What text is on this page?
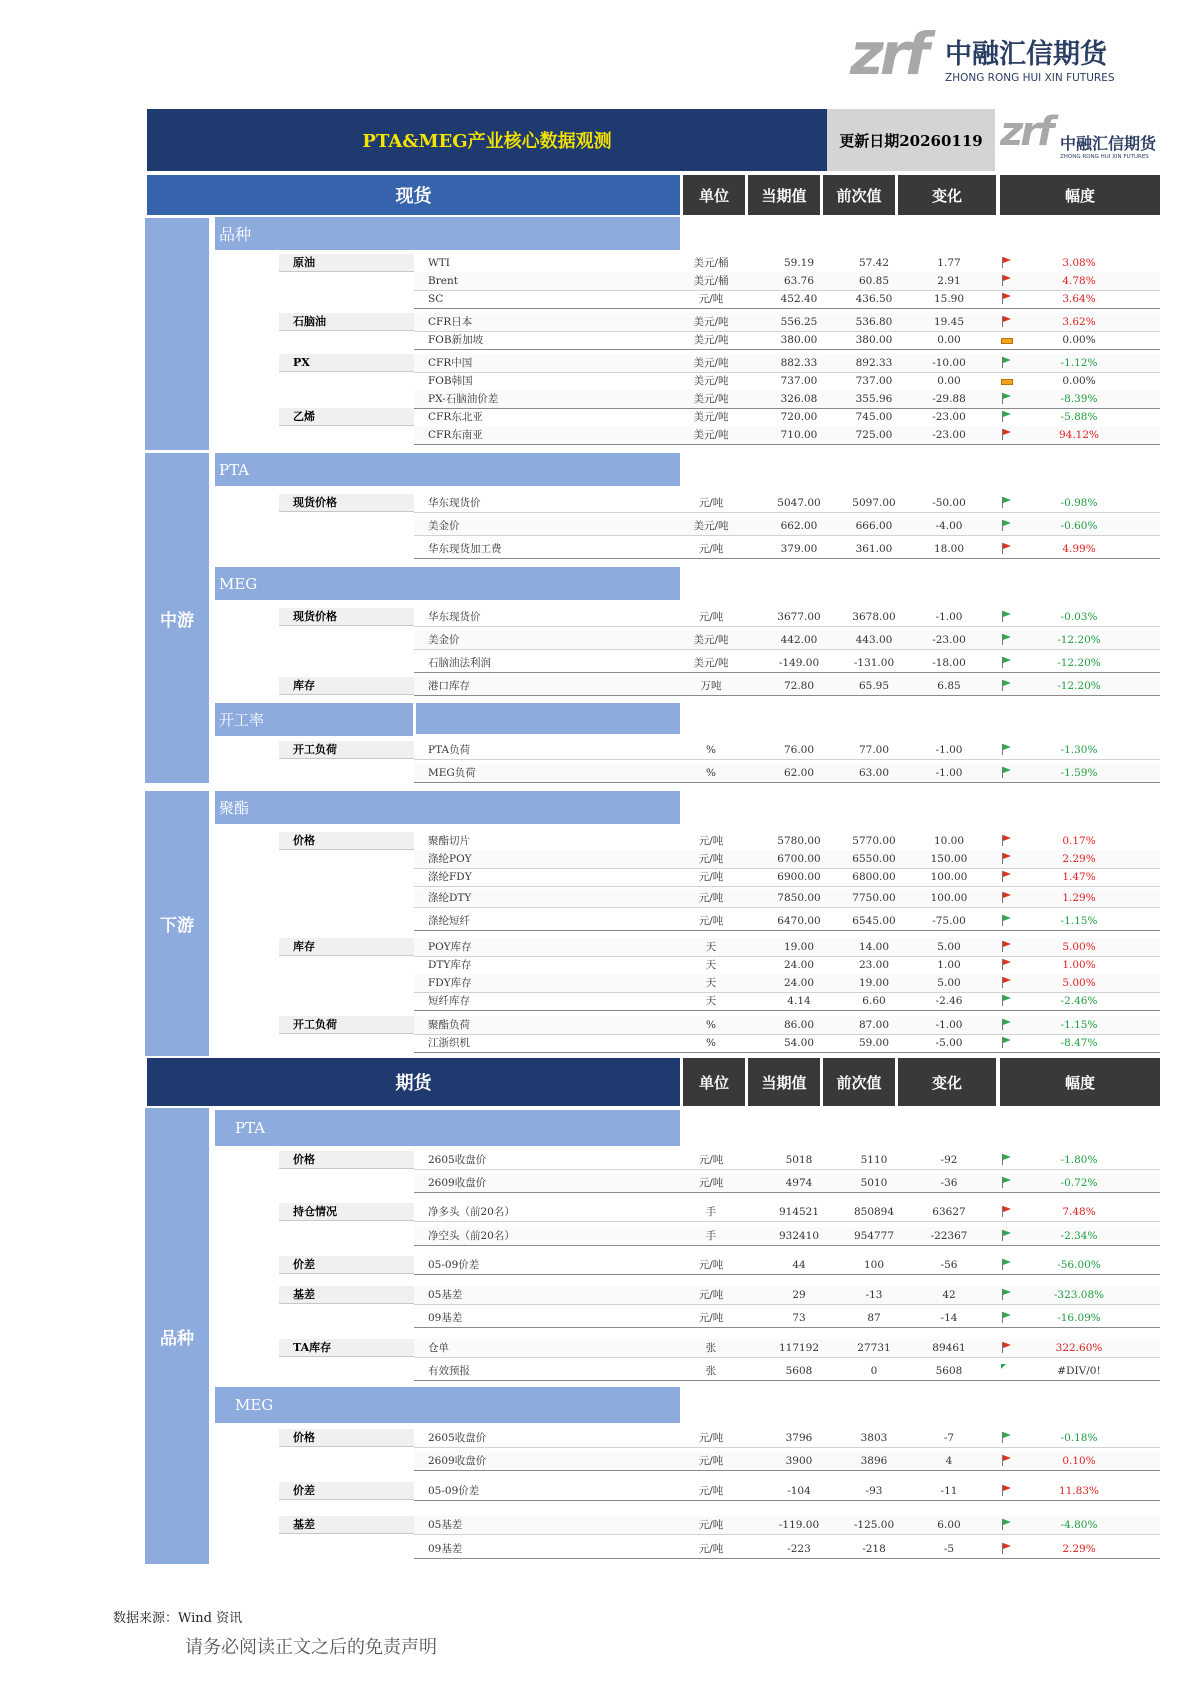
zrf 中融汇信期货
ZHONG RONG HUI XIN FUTURES
PTA&MEG产业核心数据观测	更新日期20260119 zrf 中融汇信期货
ZHONG RONG HUI XIN FUTURES
现货	单位	当期值	前次值	变化	幅度
中游
下游
品种
PTA
MEG
开工率
聚酯
原油	WTI	美元/桶	59.19	57.42	1.77	3.08%
Brent	美元/桶	63.76	60.85	2.91	4.78%
SC	元/吨	452.40	436.50	15.90	3.64%
石脑油	CFR日本	美元/吨	556.25	536.80	19.45	3.62%
FOB新加坡	美元/吨	380.00	380.00	0.00	0.00%
PX	CFR中国	美元/吨	882.33	892.33	-10.00	-1.12%
FOB韩国	美元/吨	737.00	737.00	0.00	0.00%
PX-石脑油价差	美元/吨	326.08	355.96	-29.88	-8.39%
乙烯	CFR东北亚	美元/吨	720.00	745.00	-23.00	-5.88%
CFR东南亚	美元/吨	710.00	725.00	-23.00	94.12%
现货价格	华东现货价	元/吨	5047.00	5097.00	-50.00	-0.98%
美金价	美元/吨	662.00	666.00	-4.00	-0.60%
华东现货加工费	元/吨	379.00	361.00	18.00	4.99%
现货价格	华东现货价	元/吨	3677.00	3678.00	-1.00	-0.03%
美金价	美元/吨	442.00	443.00	-23.00	-12.20%
石脑油法利润	美元/吨	-149.00	-131.00	-18.00	-12.20%
库存	港口库存	万吨	72.80	65.95	6.85	-12.20%
开工负荷	PTA负荷	%	76.00	77.00	-1.00	-1.30%
MEG负荷	%	62.00	63.00	-1.00	-1.59%
价格	聚酯切片	元/吨	5780.00	5770.00	10.00	0.17%
涤纶POY	元/吨	6700.00	6550.00	150.00	2.29%
涤纶FDY	元/吨	6900.00	6800.00	100.00	1.47%
涤纶DTY	元/吨	7850.00	7750.00	100.00	1.29%
涤纶短纤	元/吨	6470.00	6545.00	-75.00	-1.15%
库存	POY库存	天	19.00	14.00	5.00	5.00%
DTY库存	天	24.00	23.00	1.00	1.00%
FDY库存	天	24.00	19.00	5.00	5.00%
短纤库存	天	4.14	6.60	-2.46	-2.46%
开工负荷	聚酯负荷	%	86.00	87.00	-1.00	-1.15%
江浙织机	%	54.00	59.00	-5.00	-8.47%
期货	单位	当期值	前次值	变化	幅度
品种
PTA
MEG
价格	2605收盘价	元/吨	5018	5110	-92	-1.80%
2609收盘价	元/吨	4974	5010	-36	-0.72%
持仓情况	净多头（前20名）	手	914521	850894	63627	7.48%
净空头（前20名）	手	932410	954777	-22367	-2.34%
价差	05-09价差	元/吨	44	100	-56	-56.00%
基差	05基差	元/吨	29	-13	42	-323.08%
09基差	元/吨	73	87	-14	-16.09%
TA库存	仓单	张	117192	27731	89461	322.60%
有效预报	张	5608	0	5608	#DIV/0!
价格	2605收盘价	元/吨	3796	3803	-7	-0.18%
2609收盘价	元/吨	3900	3896	4	0.10%
价差	05-09价差	元/吨	-104	-93	-11	11.83%
基差	05基差	元/吨	-119.00	-125.00	6.00	-4.80%
09基差	元/吨	-223	-218	-5	2.29%
数据来源：Wind 资讯
请务必阅读正文之后的免责声明
